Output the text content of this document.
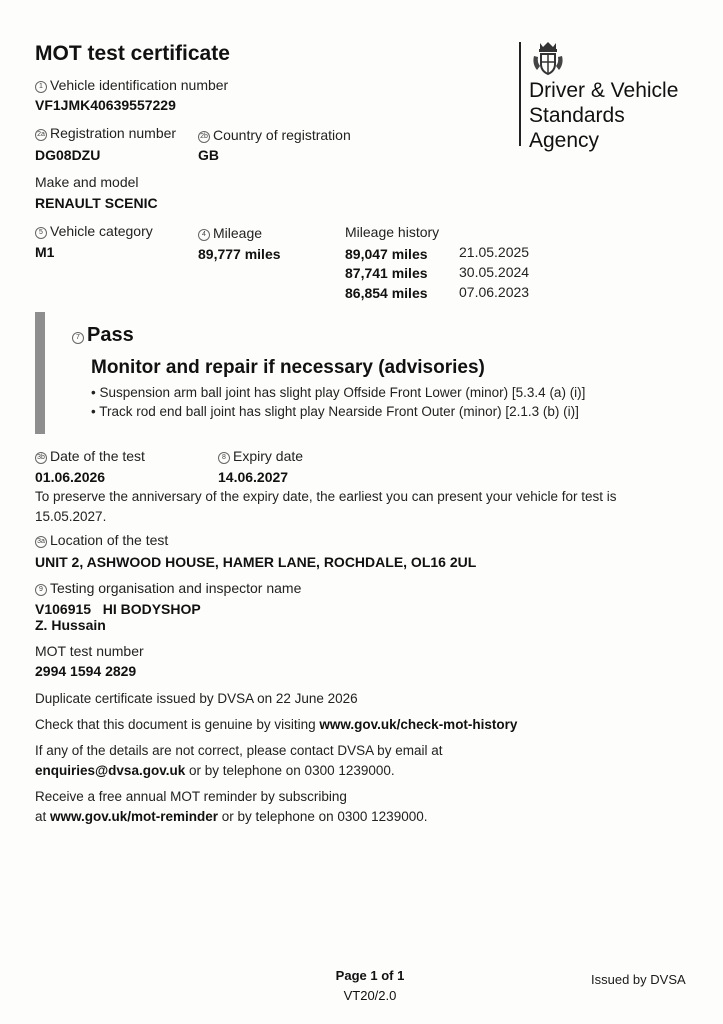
MOT test certificate
Driver & Vehicle
Standards
Agency
1 Vehicle identification number
VF1JMK40639557229
2a Registration number
DG08DZU
2b Country of registration
GB
Make and model
RENAULT SCENIC
5 Vehicle category
M1
4 Mileage
89,777 miles
Mileage history
89,047 miles 21.05.2025
87,741 miles 30.05.2024
86,854 miles 07.06.2023
7 Pass
Monitor and repair if necessary (advisories)
• Suspension arm ball joint has slight play Offside Front Lower (minor) [5.3.4 (a) (i)]
• Track rod end ball joint has slight play Nearside Front Outer (minor) [2.1.3 (b) (i)]
3b Date of the test
01.06.2026
8 Expiry date
14.06.2027
To preserve the anniversary of the expiry date, the earliest you can present your vehicle for test is
15.05.2027.
3a Location of the test
UNIT 2, ASHWOOD HOUSE, HAMER LANE, ROCHDALE, OL16 2UL
9 Testing organisation and inspector name
V106915   HI BODYSHOP
Z. Hussain
MOT test number
2994 1594 2829
Duplicate certificate issued by DVSA on 22 June 2026
Check that this document is genuine by visiting www.gov.uk/check-mot-history
If any of the details are not correct, please contact DVSA by email at
enquiries@dvsa.gov.uk or by telephone on 0300 1239000.
Receive a free annual MOT reminder by subscribing
at www.gov.uk/mot-reminder or by telephone on 0300 1239000.
Page 1 of 1
VT20/2.0
Issued by DVSA
